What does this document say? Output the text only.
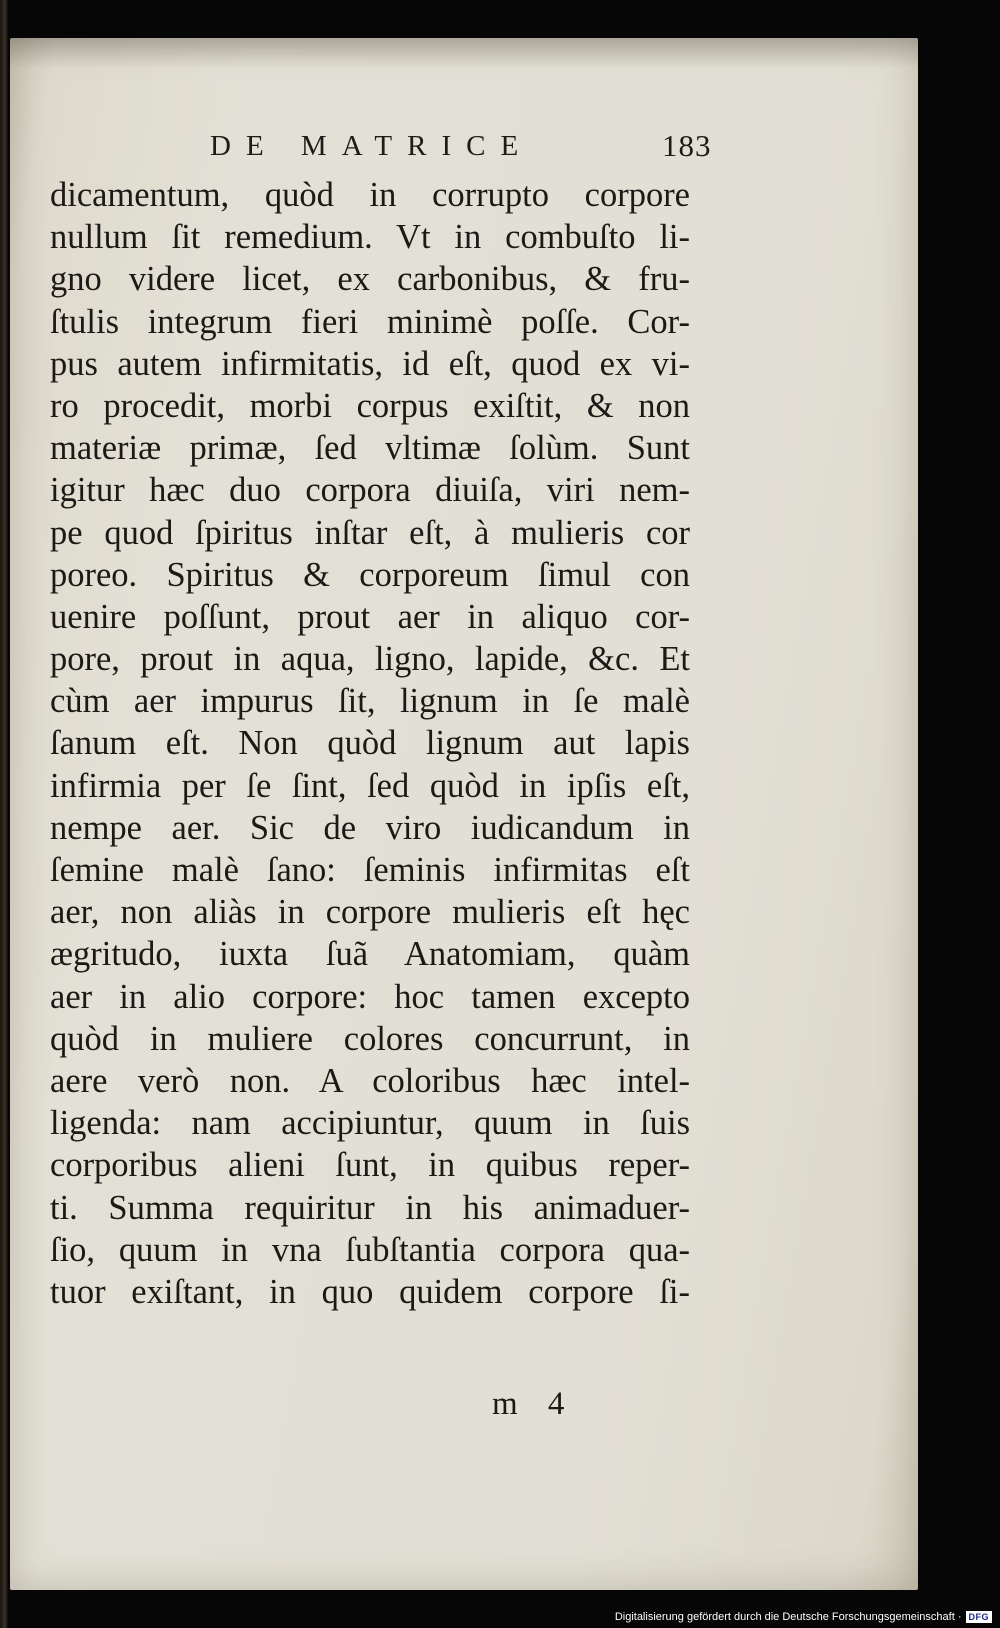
DE MATRICE	183
dicamentum, quòd in corrupto corpore
nullum ſit remedium. Vt in combuſto li-
gno videre licet, ex carbonibus, & fru-
ſtulis integrum fieri minimè poſſe. Cor-
pus autem infirmitatis, id eſt, quod ex vi-
ro procedit, morbi corpus exiſtit, & non
materiæ primæ, ſed vltimæ ſolùm. Sunt
igitur hæc duo corpora diuiſa, viri nem-
pe quod ſpiritus inſtar eſt, à mulieris cor
poreo. Spiritus & corporeum ſimul con
uenire poſſunt, prout aer in aliquo cor-
pore, prout in aqua, ligno, lapide, &c. Et
cùm aer impurus ſit, lignum in ſe malè
ſanum eſt. Non quòd lignum aut lapis
infirmia per ſe ſint, ſed quòd in ipſis eſt,
nempe aer. Sic de viro iudicandum in
ſemine malè ſano: ſeminis infirmitas eſt
aer, non aliàs in corpore mulieris eſt hęc
ægritudo, iuxta ſuã Anatomiam, quàm
aer in alio corpore: hoc tamen excepto
quòd in muliere colores concurrunt, in
aere verò non. A coloribus hæc intel-
ligenda: nam accipiuntur, quum in ſuis
corporibus alieni ſunt, in quibus reper-
ti. Summa requiritur in his animaduer-
ſio, quum in vna ſubſtantia corpora qua-
tuor exiſtant, in quo quidem corpore ſi-
m 4
Digitalisierung gefördert durch die Deutsche Forschungsgemeinschaft · DFG
